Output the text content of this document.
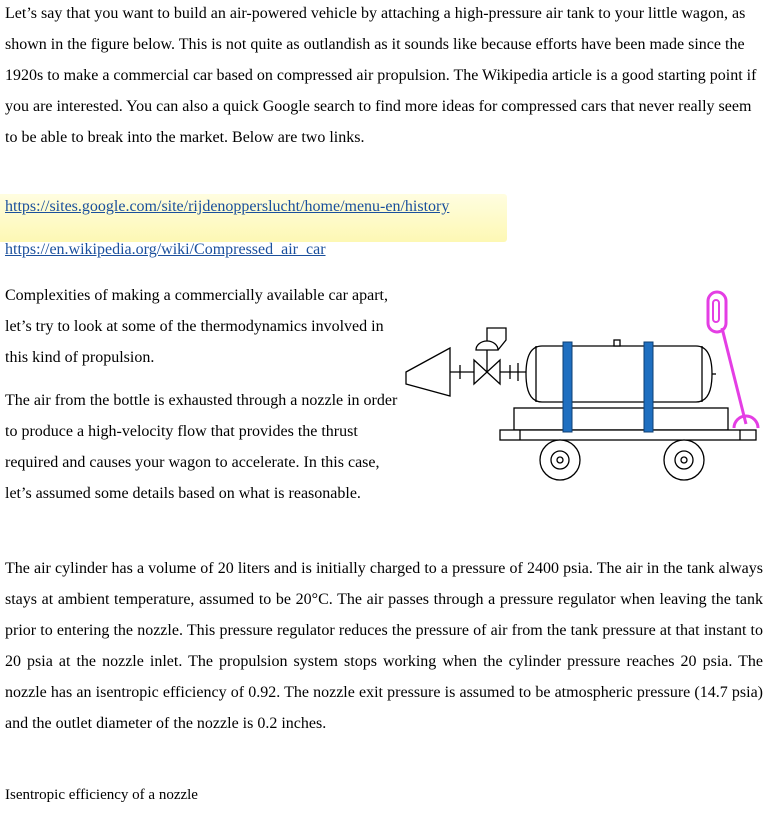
Let’s say that you want to build an air-powered vehicle by attaching a high-pressure air tank to your little wagon, as shown in the figure below. This is not quite as outlandish as it sounds like because efforts have been made since the 1920s to make a commercial car based on compressed air propulsion. The Wikipedia article is a good starting point if you are interested. You can also a quick Google search to find more ideas for compressed cars that never really seem to be able to break into the market. Below are two links.

https://sites.google.com/site/rijdenopperslucht/home/menu-en/history
https://en.wikipedia.org/wiki/Compressed_air_car

Complexities of making a commercially available car apart, let’s try to look at some of the thermodynamics involved in this kind of propulsion.

The air from the bottle is exhausted through a nozzle in order to produce a high-velocity flow that provides the thrust required and causes your wagon to accelerate. In this case, let’s assumed some details based on what is reasonable.

The air cylinder has a volume of 20 liters and is initially charged to a pressure of 2400 psia. The air in the tank always stays at ambient temperature, assumed to be 20°C. The air passes through a pressure regulator when leaving the tank prior to entering the nozzle. This pressure regulator reduces the pressure of air from the tank pressure at that instant to 20 psia at the nozzle inlet. The propulsion system stops working when the cylinder pressure reaches 20 psia. The nozzle has an isentropic efficiency of 0.92. The nozzle exit pressure is assumed to be atmospheric pressure (14.7 psia) and the outlet diameter of the nozzle is 0.2 inches.

Isentropic efficiency of a nozzle
